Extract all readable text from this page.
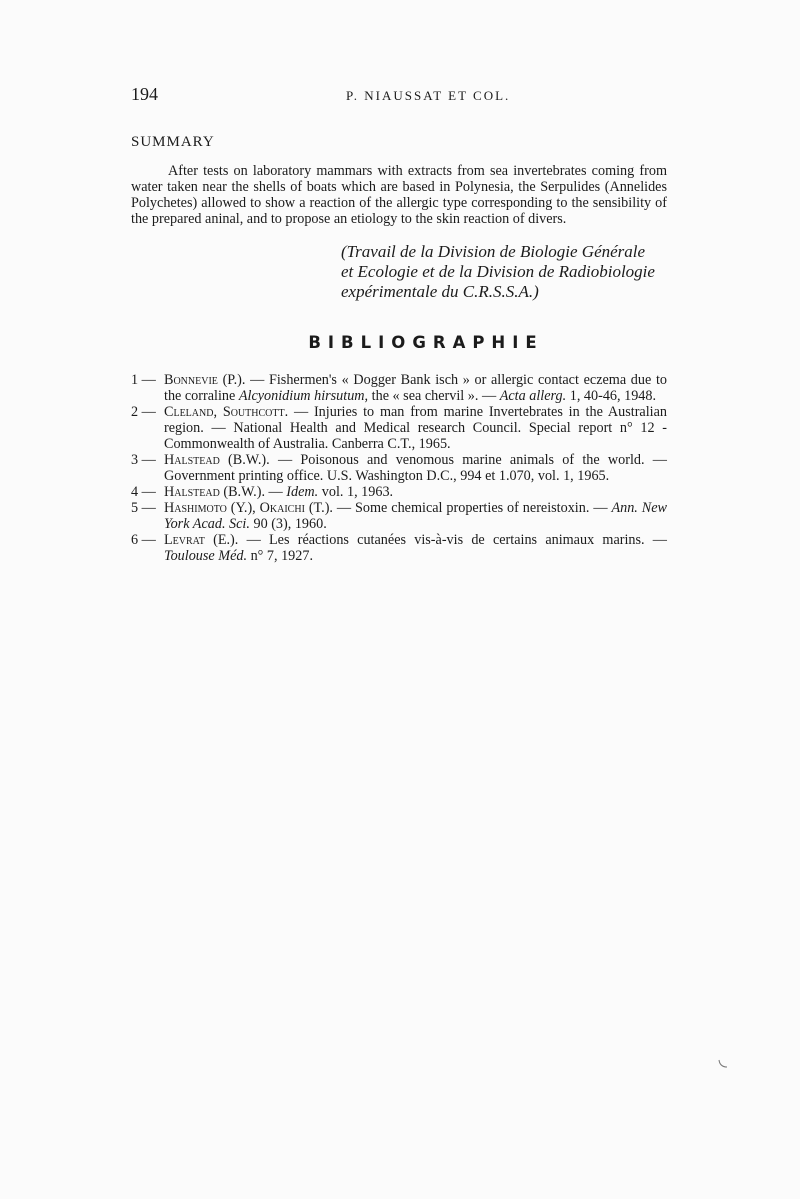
194	P. NIAUSSAT ET COL.
SUMMARY

After tests on laboratory mammars with extracts from sea invertebrates coming from water taken near the shells of boats which are based in Polynesia, the Serpulides (Annelides Polychetes) allowed to show a reaction of the allergic type corresponding to the sensibility of the prepared aninal, and to propose an etiology to the skin reaction of divers.

(Travail de la Division de Biologie Générale
et Ecologie et de la Division de Radiobiologie
expérimentale du C.R.S.S.A.)
BIBLIOGRAPHIE
1 — Bonnevie (P.). — Fishermen's « Dogger Bank isch » or allergic contact eczema due to the corraline Alcyonidium hirsutum, the « sea chervil ». — Acta allerg. 1, 40-46, 1948.
2 — Cleland, Southcott. — Injuries to man from marine Invertebrates in the Australian region. — National Health and Medical research Council. Special report n° 12 - Commonwealth of Australia. Canberra C.T., 1965.
3 — Halstead (B.W.). — Poisonous and venomous marine animals of the world. — Government printing office. U.S. Washington D.C., 994 et 1.070, vol. 1, 1965.
4 — Halstead (B.W.). — Idem. vol. 1, 1963.
5 — Hashimoto (Y.), Okaichi (T.). — Some chemical properties of nereistoxin. — Ann. New York Acad. Sci. 90 (3), 1960.
6 — Levrat (E.). — Les réactions cutanées vis-à-vis de certains animaux marins. — Toulouse Méd. n° 7, 1927.
